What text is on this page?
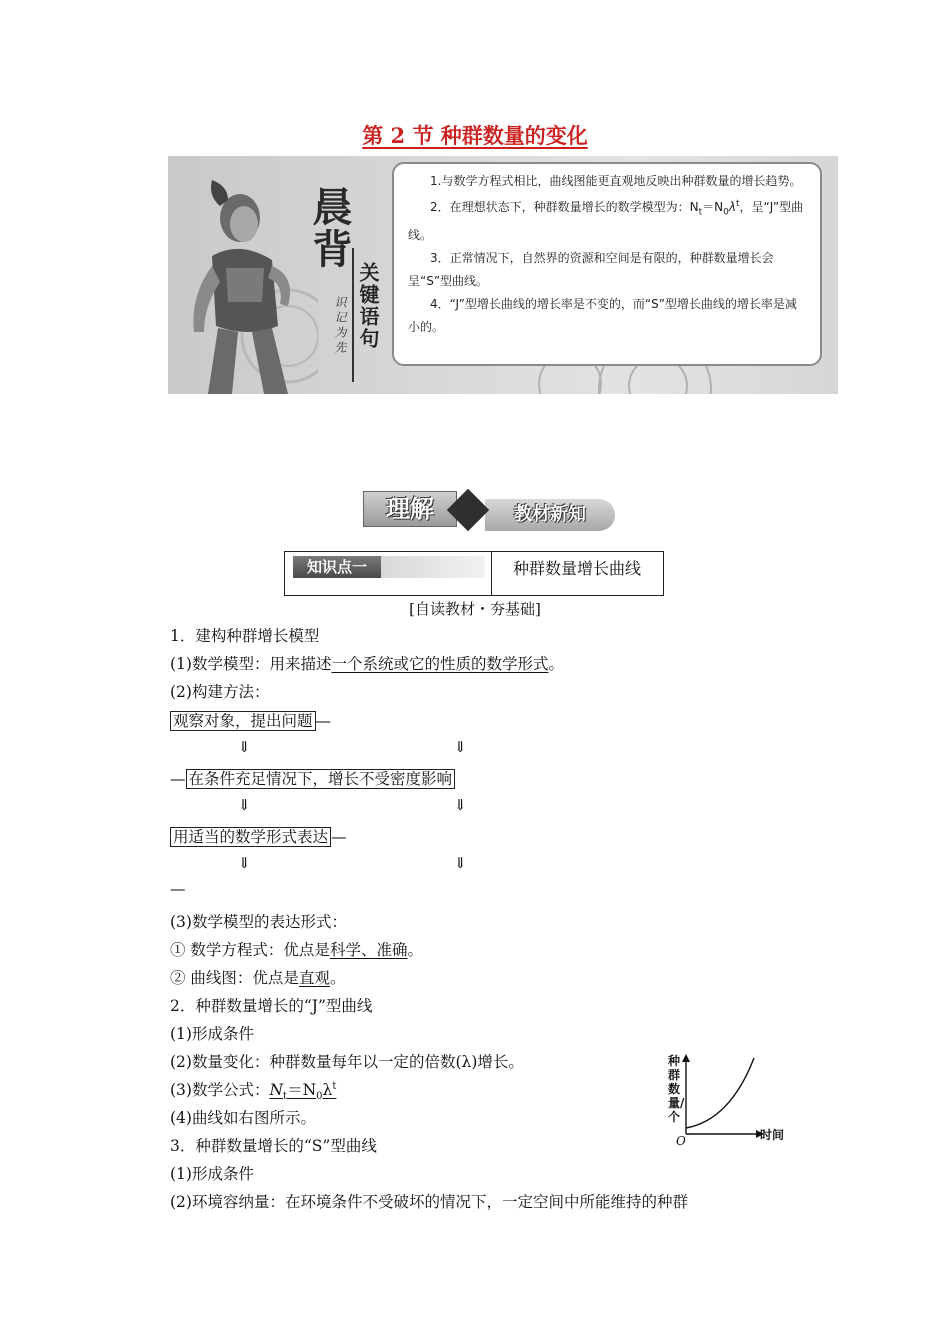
第 2 节 种群数量的变化
晨背
识记为先 关键语句

1.与数学方程式相比，曲线图能更直观地反映出种群数量的增长趋势。

2．在理想状态下，种群数量增长的数学模型为：$N_t=N_0\lambda^t$，呈“J”型曲线。

3．正常情况下，自然界的资源和空间是有限的，种群数量增长会呈“S”型曲线。

4．“J”型增长曲线的增长率是不变的，而“S”型增长曲线的增长率是减小的。

理解	教材新知
知识点一	种群数量增长曲线
[自读教材・夯基础]
1．建构种群增长模型
(1)数学模型：用来描述一个系统或它的性质的数学形式。
(2)构建方法：
观察对象，提出问题 —
⇓	⇓
— 在条件充足情况下，增长不受密度影响
⇓	⇓
用适当的数学形式表达 —
⇓	⇓
—
(3)数学模型的表达形式：
① 数学方程式：优点是科学、准确。
② 曲线图：优点是直观。
2．种群数量增长的“J”型曲线
(1)形成条件
(2)数量变化：种群数量每年以一定的倍数(λ)增长。
(3)数学公式：$N_t=N_0\lambda^t$
(4)曲线如右图所示。
3．种群数量增长的“S”型曲线
(1)形成条件
(2)环境容纳量：在环境条件不受破坏的情况下，一定空间中所能维持的种群
种群数量/个
时间
O
